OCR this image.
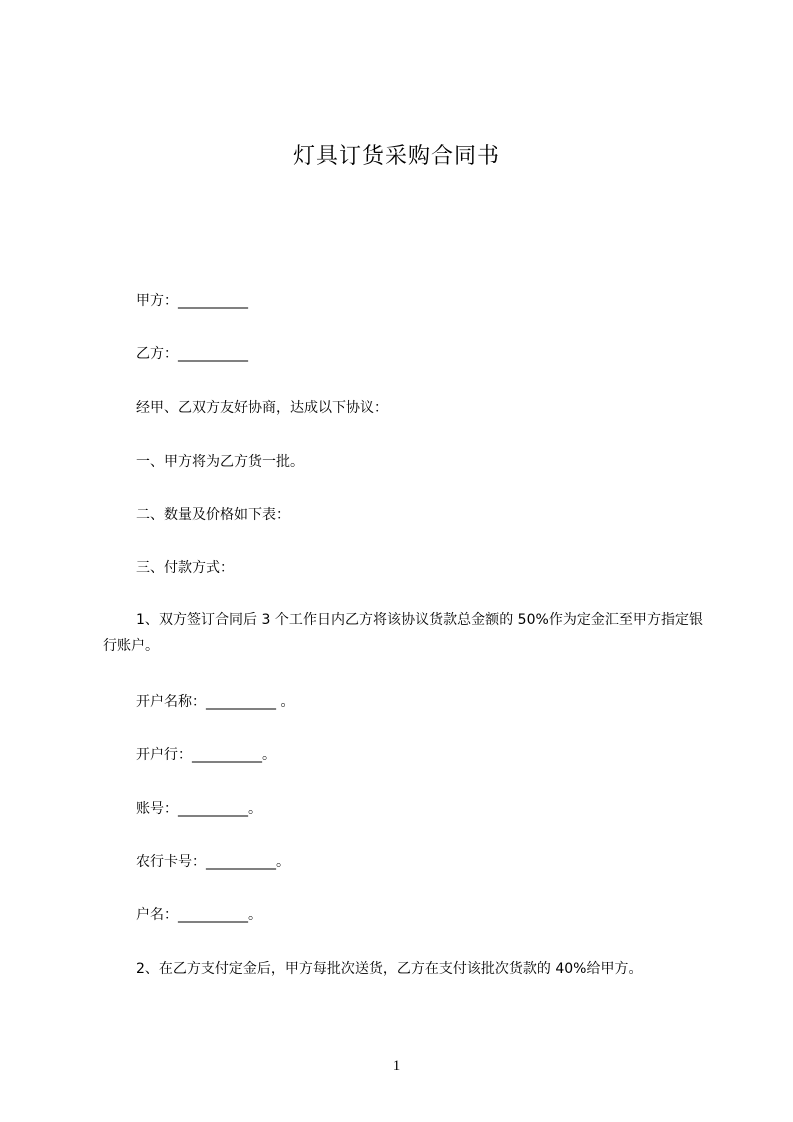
灯具订货采购合同书
甲方：__________
乙方：__________
经甲、乙双方友好协商，达成以下协议：
一、甲方将为乙方货一批。
二、数量及价格如下表：
三、付款方式：
1、双方签订合同后 3 个工作日内乙方将该协议货款总金额的 50%作为定金汇至甲方指定银行账户。
开户名称：__________ 。
开户行：__________。
账号：__________。
农行卡号：__________。
户名：__________。
2、在乙方支付定金后，甲方每批次送货，乙方在支付该批次货款的 40%给甲方。
1
